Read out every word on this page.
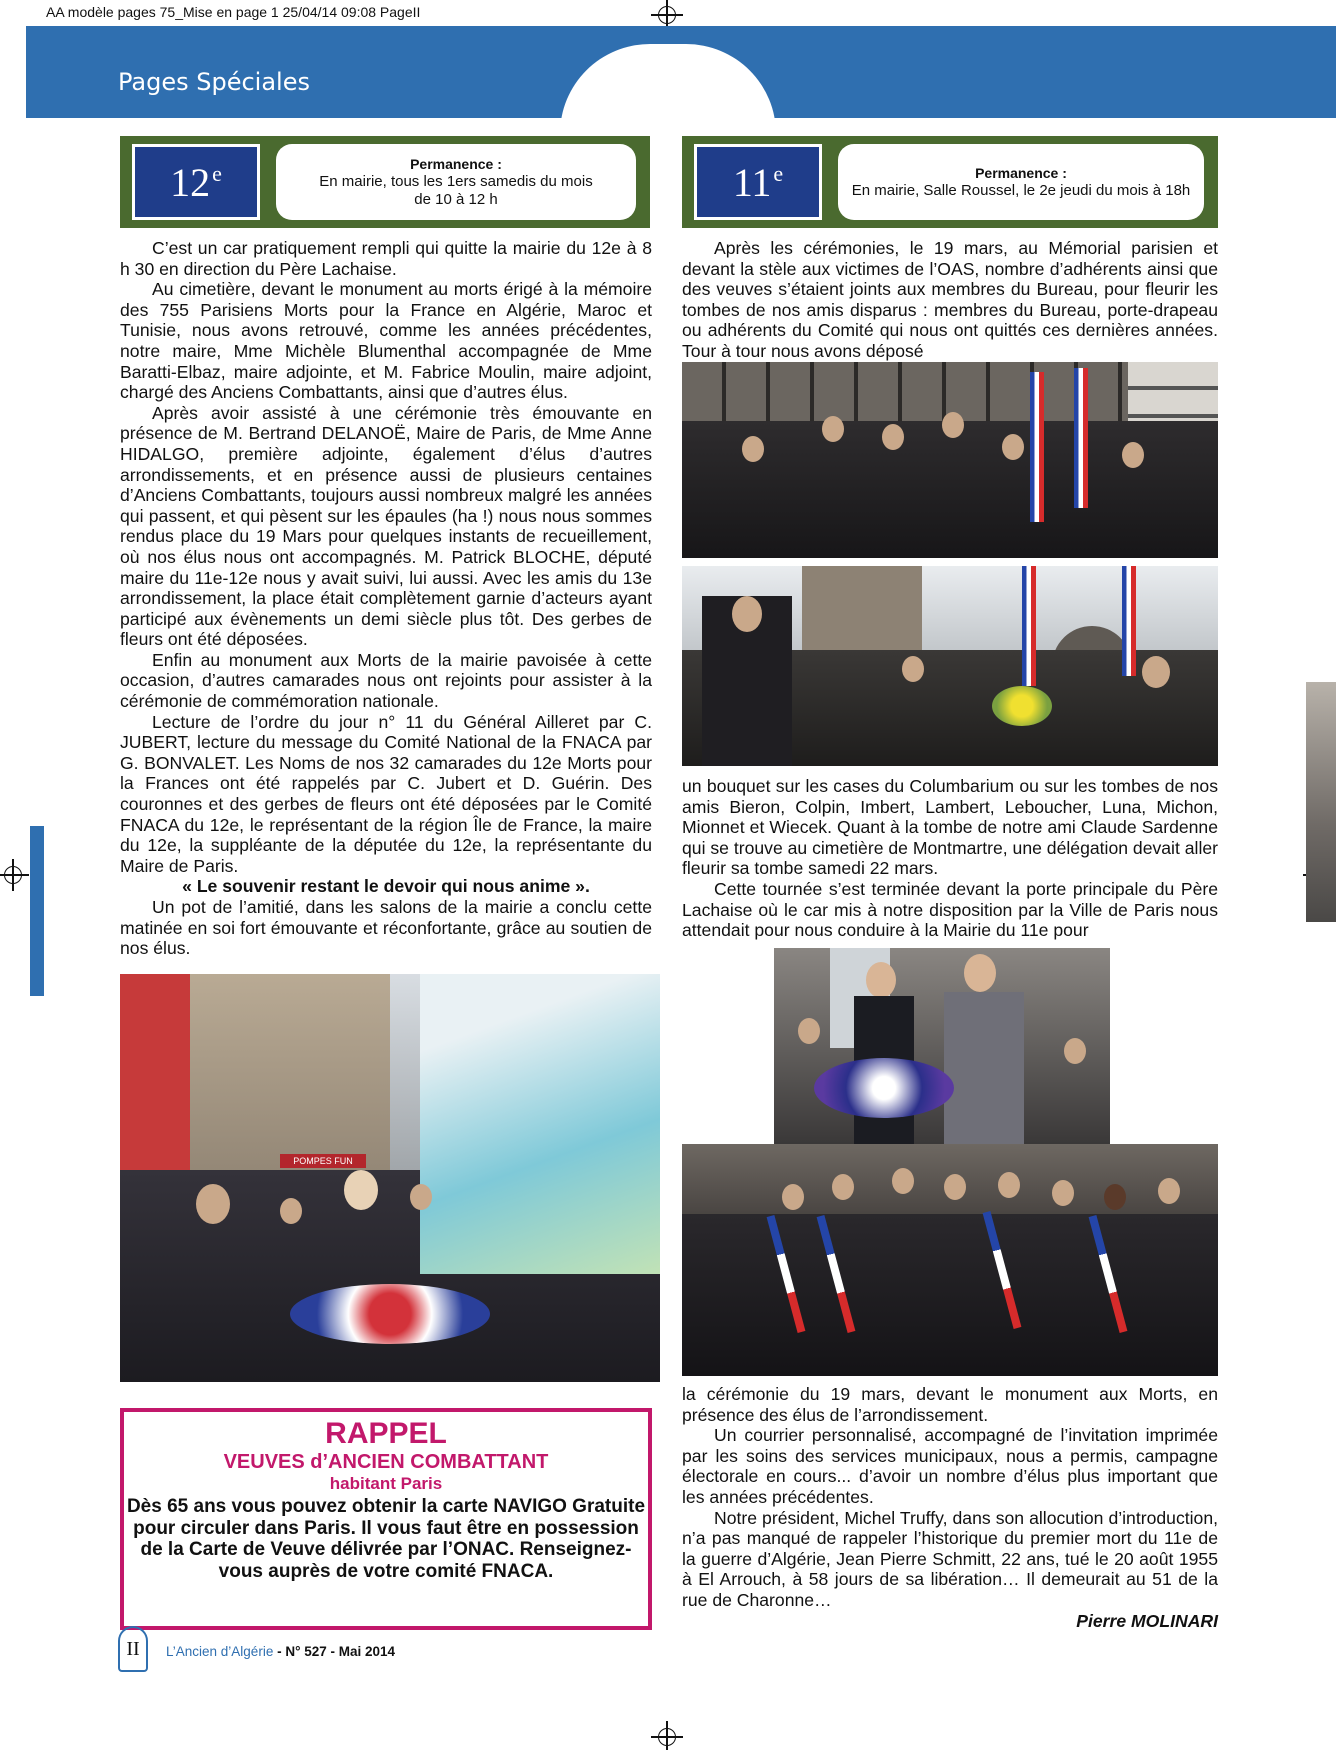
AA modèle pages 75_Mise en page 1 25/04/14 09:08 PageII
Pages Spéciales
12e	Permanence :
En mairie, tous les 1ers samedis du mois
de 10 à 12 h	11e	Permanence :
En mairie, Salle Roussel, le 2e jeudi du mois à 18h

C’est un car pratiquement rempli qui quitte la mairie du 12e à 8 h 30 en direction du Père Lachaise.

Au cimetière, devant le monument au morts érigé à la mémoire des 755 Parisiens Morts pour la France en Algérie, Maroc et Tunisie, nous avons retrouvé, comme les années précédentes, notre maire, Mme Michèle Blumenthal accompagnée de Mme Baratti-Elbaz, maire adjointe, et M. Fabrice Moulin, maire adjoint, chargé des Anciens Combattants, ainsi que d’autres élus.

Après avoir assisté à une cérémonie très émouvante en présence de M. Bertrand DELANOË, Maire de Paris, de Mme Anne HIDALGO, première adjointe, également d’élus d’autres arrondissements, et en présence aussi de plusieurs centaines d’Anciens Combattants, toujours aussi nombreux malgré les années qui passent, et qui pèsent sur les épaules (ha !) nous nous sommes rendus place du 19 Mars pour quelques instants de recueillement, où nos élus nous ont accompagnés. M. Patrick BLOCHE, député maire du 11e-12e nous y avait suivi, lui aussi. Avec les amis du 13e arrondissement, la place était complètement garnie d’acteurs ayant participé aux évènements un demi siècle plus tôt. Des gerbes de fleurs ont été déposées.

Enfin au monument aux Morts de la mairie pavoisée à cette occasion, d’autres camarades nous ont rejoints pour assister à la cérémonie de commémoration nationale.

Lecture de l’ordre du jour n° 11 du Général Ailleret par C. JUBERT, lecture du message du Comité National de la FNACA par G. BONVALET. Les Noms de nos 32 camarades du 12e Morts pour la Frances ont été rappelés par C. Jubert et D. Guérin. Des couronnes et des gerbes de fleurs ont été déposées par le Comité FNACA du 12e, le représentant de la région Île de France, la maire du 12e, la suppléante de la députée du 12e, la représentante du Maire de Paris.

« Le souvenir restant le devoir qui nous anime ».

Un pot de l’amitié, dans les salons de la mairie a conclu cette matinée en soi fort émouvante et réconfortante, grâce au soutien de nos élus.

POMPES FUN
RAPPEL
VEUVES d’ANCIEN COMBATTANT
habitant Paris
Dès 65 ans vous pouvez obtenir la carte NAVIGO Gratuite pour circuler dans Paris. Il vous faut être en possession de la Carte de Veuve délivrée par l’ONAC. Renseignez-vous auprès de votre comité FNACA.

Après les cérémonies, le 19 mars, au Mémorial parisien et devant la stèle aux victimes de l’OAS, nombre d’adhérents ainsi que des veuves s’étaient joints aux membres du Bureau, pour fleurir les tombes de nos amis disparus : membres du Bureau, porte-drapeau ou adhérents du Comité qui nous ont quittés ces dernières années. Tour à tour nous avons déposé

un bouquet sur les cases du Columbarium ou sur les tombes de nos amis Bieron, Colpin, Imbert, Lambert, Leboucher, Luna, Michon, Mionnet et Wiecek. Quant à la tombe de notre ami Claude Sardenne qui se trouve au cimetière de Montmartre, une délégation devait aller fleurir sa tombe samedi 22 mars.

Cette tournée s’est terminée devant la porte principale du Père Lachaise où le car mis à notre disposition par la Ville de Paris nous attendait pour nous conduire à la Mairie du 11e pour

la cérémonie du 19 mars, devant le monument aux Morts, en présence des élus de l’arrondissement.

Un courrier personnalisé, accompagné de l’invitation imprimée par les soins des services municipaux, nous a permis, campagne électorale en cours... d’avoir un nombre d’élus plus important que les années précédentes.

Notre président, Michel Truffy, dans son allocution d’introduction, n’a pas manqué de rappeler l’historique du premier mort du 11e de la guerre d’Algérie, Jean Pierre Schmitt, 22 ans, tué le 20 août 1955 à El Arrouch, à 58 jours de sa libération… Il demeurait au 51 de la rue de Charonne…

Pierre MOLINARI

II	L’Ancien d’Algérie - N° 527 - Mai 2014
